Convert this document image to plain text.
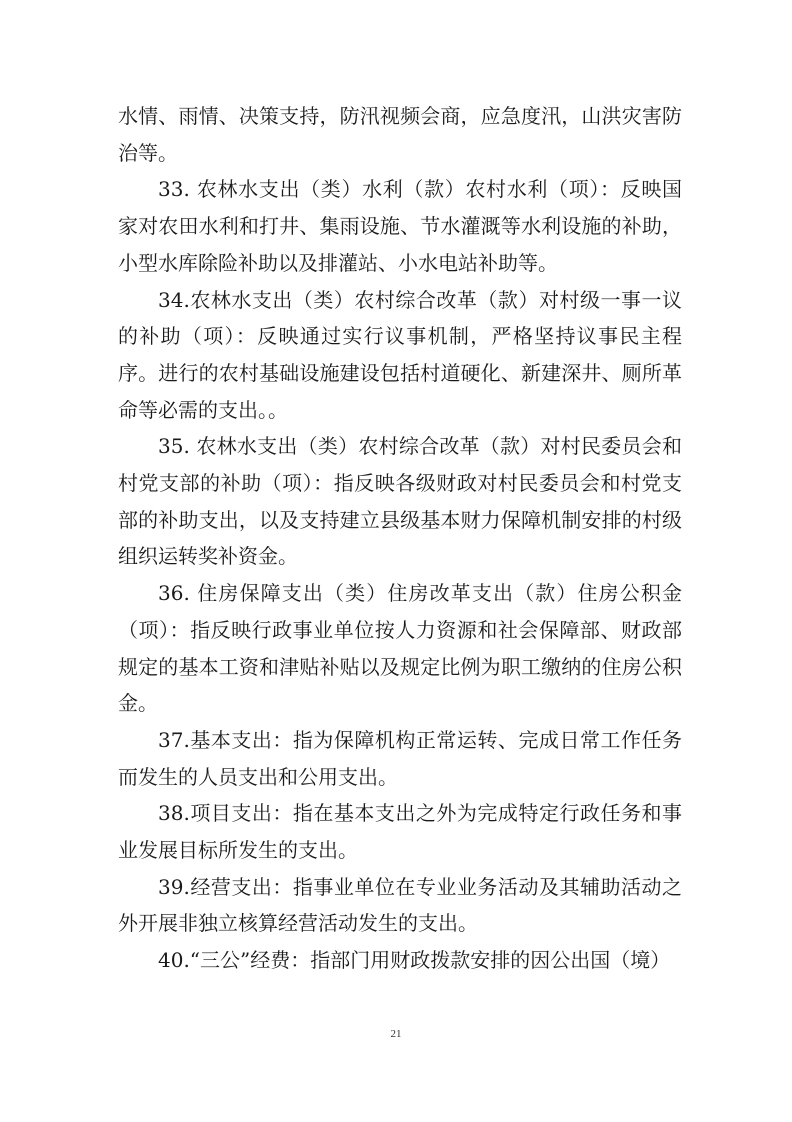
水情、雨情、决策支持，防汛视频会商，应急度汛，山洪灾害防治等。

33. 农林水支出（类）水利（款）农村水利（项）：反映国家对农田水利和打井、集雨设施、节水灌溉等水利设施的补助，小型水库除险补助以及排灌站、小水电站补助等。

34.农林水支出（类）农村综合改革（款）对村级一事一议的补助（项）：反映通过实行议事机制，严格坚持议事民主程序。进行的农村基础设施建设包括村道硬化、新建深井、厕所革命等必需的支出。。

35. 农林水支出（类）农村综合改革（款）对村民委员会和村党支部的补助（项）：指反映各级财政对村民委员会和村党支部的补助支出，以及支持建立县级基本财力保障机制安排的村级组织运转奖补资金。

36. 住房保障支出（类）住房改革支出（款）住房公积金（项）：指反映行政事业单位按人力资源和社会保障部、财政部规定的基本工资和津贴补贴以及规定比例为职工缴纳的住房公积金。

37.基本支出：指为保障机构正常运转、完成日常工作任务而发生的人员支出和公用支出。

38.项目支出：指在基本支出之外为完成特定行政任务和事业发展目标所发生的支出。

39.经营支出：指事业单位在专业业务活动及其辅助活动之外开展非独立核算经营活动发生的支出。

40.“三公”经费：指部门用财政拨款安排的因公出国（境）

21
